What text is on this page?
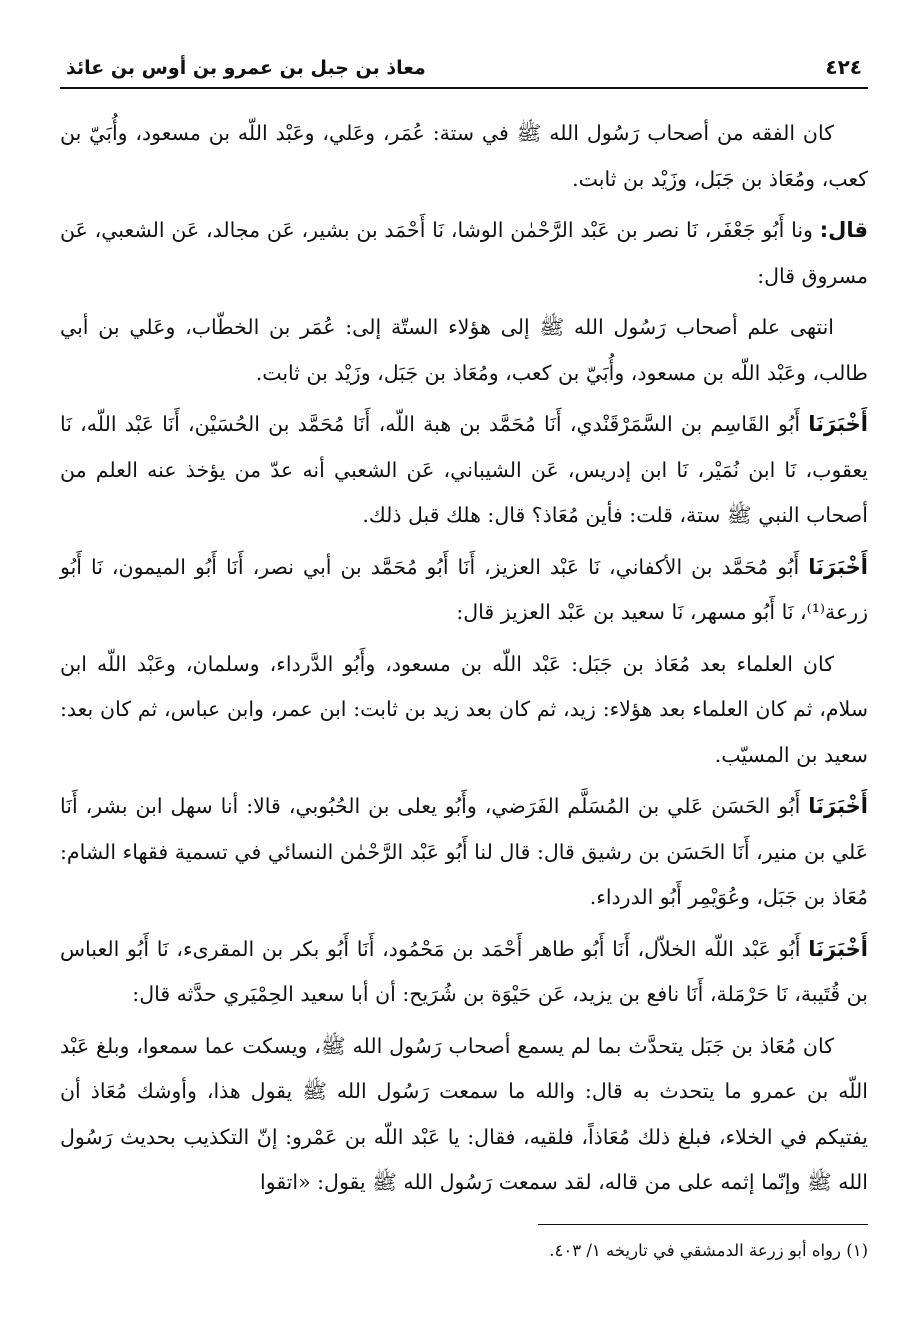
٤٢٤
معاذ بن جبل بن عمرو بن أوس بن عائذ

كان الفقه من أصحاب رَسُول الله ﷺ في ستة: عُمَر، وعَلي، وعَبْد اللّه بن مسعود، وأُبَيّ بن كعب، ومُعَاذ بن جَبَل، وزَيْد بن ثابت.

قال: ونا أَبُو جَعْفَر، نَا نصر بن عَبْد الرَّحْمٰن الوشا، نَا أَحْمَد بن بشير، عَن مجالد، عَن الشعبي، عَن مسروق قال:

انتهى علم أصحاب رَسُول الله ﷺ إلى هؤلاء الستّة إلى: عُمَر بن الخطّاب، وعَلي بن أبي طالب، وعَبْد اللّه بن مسعود، وأُبَيّ بن كعب، ومُعَاذ بن جَبَل، وزَيْد بن ثابت.

أَخْبَرَنَا أَبُو القَاسِم بن السَّمَرْقَنْدي، أَنَا مُحَمَّد بن هبة اللّه، أَنَا مُحَمَّد بن الحُسَيْن، أَنَا عَبْد اللّه، نَا يعقوب، نَا ابن نُمَيْر، نَا ابن إدريس، عَن الشيباني، عَن الشعبي أنه عدّ من يؤخذ عنه العلم من أصحاب النبي ﷺ ستة، قلت: فأين مُعَاذ؟ قال: هلك قبل ذلك.

أَخْبَرَنَا أَبُو مُحَمَّد بن الأكفاني، نَا عَبْد العزيز، أَنَا أَبُو مُحَمَّد بن أبي نصر، أَنَا أَبُو الميمون، نَا أَبُو زرعة⁽¹⁾، نَا أَبُو مسهر، نَا سعيد بن عَبْد العزيز قال:

كان العلماء بعد مُعَاذ بن جَبَل: عَبْد اللّه بن مسعود، وأَبُو الدَّرداء، وسلمان، وعَبْد اللّه ابن سلام، ثم كان العلماء بعد هؤلاء: زيد، ثم كان بعد زيد بن ثابت: ابن عمر، وابن عباس، ثم كان بعد: سعيد بن المسيّب.

أَخْبَرَنَا أَبُو الحَسَن عَلي بن المُسَلَّم الفَرَضي، وأَبُو يعلى بن الحُبُوبي، قالا: أنا سهل ابن بشر، أَنَا عَلي بن منير، أَنَا الحَسَن بن رشيق قال: قال لنا أَبُو عَبْد الرَّحْمٰن النسائي في تسمية فقهاء الشام: مُعَاذ بن جَبَل، وعُوَيْمِر أَبُو الدرداء.

أَخْبَرَنَا أَبُو عَبْد اللّه الخلاّل، أَنَا أَبُو طاهر أَحْمَد بن مَحْمُود، أَنَا أَبُو بكر بن المقرىء، نَا أَبُو العباس بن قُتَيبة، نَا حَرْمَلة، أَنَا نافع بن يزيد، عَن حَيْوَة بن شُرَيح: أن أبا سعيد الحِمْيَري حدَّثه قال:

كان مُعَاذ بن جَبَل يتحدَّث بما لم يسمع أصحاب رَسُول الله ﷺ، ويسكت عما سمعوا، وبلغ عَبْد اللّه بن عمرو ما يتحدث به قال: والله ما سمعت رَسُول الله ﷺ يقول هذا، وأوشك مُعَاذ أن يفتيكم في الخلاء، فبلغ ذلك مُعَاذاً، فلقيه، فقال: يا عَبْد اللّه بن عَمْرو: إنّ التكذيب بحديث رَسُول الله ﷺ وإنّما إثمه على من قاله، لقد سمعت رَسُول الله ﷺ يقول: «اتقوا

(١) رواه أبو زرعة الدمشقي في تاريخه ١/ ٤٠٣.
